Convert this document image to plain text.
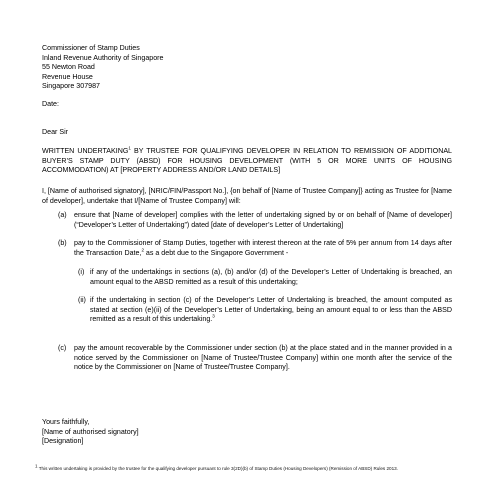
Commissioner of Stamp Duties
Inland Revenue Authority of Singapore
55 Newton Road
Revenue House
Singapore 307987
Date:
Dear Sir
WRITTEN UNDERTAKING$^1$ BY TRUSTEE FOR QUALIFYING DEVELOPER IN RELATION TO REMISSION OF ADDITIONAL BUYER’S STAMP DUTY (ABSD) FOR HOUSING DEVELOPMENT (WITH 5 OR MORE UNITS OF HOUSING ACCOMMODATION) AT [PROPERTY ADDRESS AND/OR LAND DETAILS]
I, [Name of authorised signatory], [NRIC/FIN/Passport No.], {on behalf of [Name of Trustee Company]} acting as Trustee for [Name of developer], undertake that I/[Name of Trustee Company] will:
(a) ensure that [Name of developer] complies with the letter of undertaking signed by or on behalf of [Name of developer] (“Developer’s Letter of Undertaking”) dated [date of developer’s Letter of Undertaking]
(b) pay to the Commissioner of Stamp Duties, together with interest thereon at the rate of 5% per annum from 14 days after the Transaction Date,$^2$ as a debt due to the Singapore Government -
(i) if any of the undertakings in sections (a), (b) and/or (d) of the Developer’s Letter of Undertaking is breached, an amount equal to the ABSD remitted as a result of this undertaking;
(ii) if the undertaking in section (c) of the Developer’s Letter of Undertaking is breached, the amount computed as stated at section (e)(ii) of the Developer’s Letter of Undertaking, being an amount equal to or less than the ABSD remitted as a result of this undertaking.$^3$
(c) pay the amount recoverable by the Commissioner under section (b) at the place stated and in the manner provided in a notice served by the Commissioner on [Name of Trustee/Trustee Company] within one month after the service of the notice by the Commissioner on [Name of Trustee/Trustee Company].
Yours faithfully,
[Name of authorised signatory]
[Designation]
$^1$ This written undertaking is provided by the trustee for the qualifying developer pursuant to rule 3(2D)(b) of Stamp Duties (Housing Developers) (Remission of ABSD) Rules 2013.
